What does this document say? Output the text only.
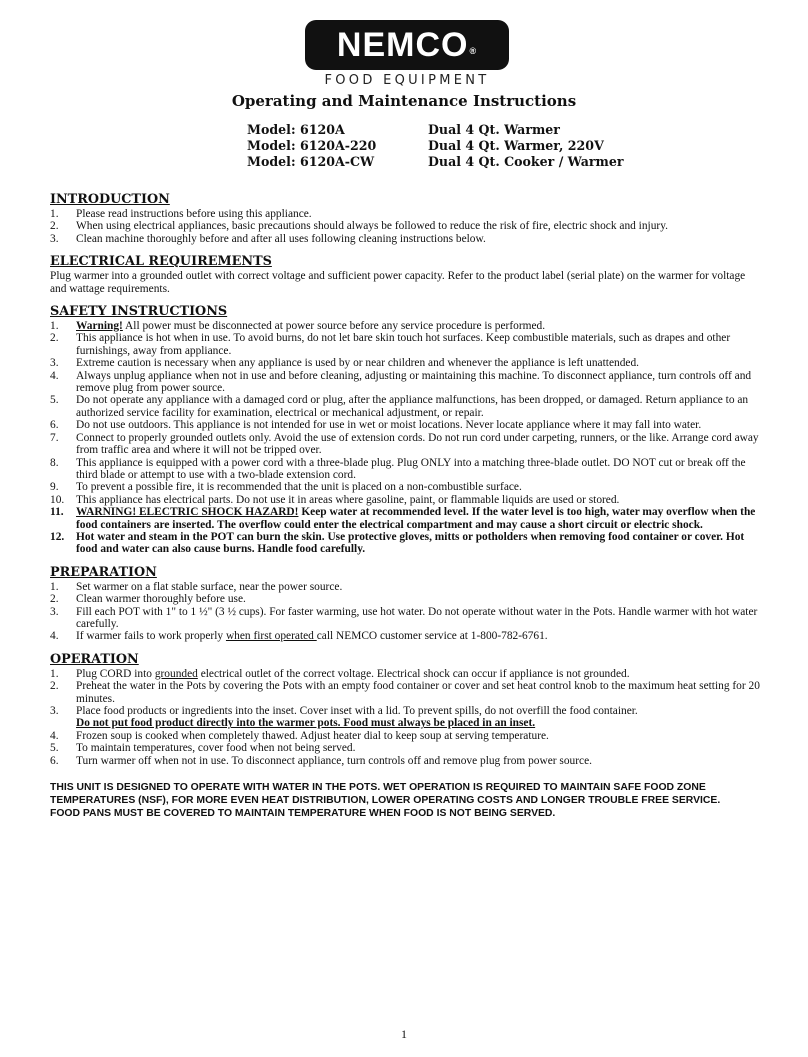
NEMCO®
FOOD EQUIPMENT
Operating and Maintenance Instructions
Model: 6120A	Dual 4 Qt. Warmer
Model: 6120A-220	Dual 4 Qt. Warmer, 220V
Model: 6120A-CW	Dual 4 Qt. Cooker / Warmer
INTRODUCTION
1. Please read instructions before using this appliance.
2. When using electrical appliances, basic precautions should always be followed to reduce the risk of fire, electric shock and injury.
3. Clean machine thoroughly before and after all uses following cleaning instructions below.
ELECTRICAL REQUIREMENTS

Plug warmer into a grounded outlet with correct voltage and sufficient power capacity. Refer to the product label (serial plate) on the warmer for voltage and wattage requirements.

SAFETY INSTRUCTIONS
1. Warning! All power must be disconnected at power source before any service procedure is performed.
2. This appliance is hot when in use. To avoid burns, do not let bare skin touch hot surfaces. Keep combustible materials, such as drapes and other furnishings, away from appliance.
3. Extreme caution is necessary when any appliance is used by or near children and whenever the appliance is left unattended.
4. Always unplug appliance when not in use and before cleaning, adjusting or maintaining this machine. To disconnect appliance, turn controls off and remove plug from power source.
5. Do not operate any appliance with a damaged cord or plug, after the appliance malfunctions, has been dropped, or damaged. Return appliance to an authorized service facility for examination, electrical or mechanical adjustment, or repair.
6. Do not use outdoors. This appliance is not intended for use in wet or moist locations. Never locate appliance where it may fall into water.
7. Connect to properly grounded outlets only. Avoid the use of extension cords. Do not run cord under carpeting, runners, or the like. Arrange cord away from traffic area and where it will not be tripped over.
8. This appliance is equipped with a power cord with a three-blade plug. Plug ONLY into a matching three-blade outlet. DO NOT cut or break off the third blade or attempt to use with a two-blade extension cord.
9. To prevent a possible fire, it is recommended that the unit is placed on a non-combustible surface.
10. This appliance has electrical parts. Do not use it in areas where gasoline, paint, or flammable liquids are used or stored.
11. WARNING! ELECTRIC SHOCK HAZARD! Keep water at recommended level. If the water level is too high, water may overflow when the food containers are inserted. The overflow could enter the electrical compartment and may cause a short circuit or electric shock.
12. Hot water and steam in the POT can burn the skin. Use protective gloves, mitts or potholders when removing food container or cover. Hot food and water can also cause burns. Handle food carefully.
PREPARATION
1. Set warmer on a flat stable surface, near the power source.
2. Clean warmer thoroughly before use.
3. Fill each POT with 1" to 1 ½" (3 ½ cups). For faster warming, use hot water. Do not operate without water in the Pots. Handle warmer with hot water carefully.
4. If warmer fails to work properly when first operated call NEMCO customer service at 1-800-782-6761.
OPERATION
1. Plug CORD into grounded electrical outlet of the correct voltage. Electrical shock can occur if appliance is not grounded.
2. Preheat the water in the Pots by covering the Pots with an empty food container or cover and set heat control knob to the maximum heat setting for 20 minutes.
3. Place food products or ingredients into the inset. Cover inset with a lid. To prevent spills, do not overfill the food container.
Do not put food product directly into the warmer pots. Food must always be placed in an inset.
4. Frozen soup is cooked when completely thawed. Adjust heater dial to keep soup at serving temperature.
5. To maintain temperatures, cover food when not being served.
6. Turn warmer off when not in use. To disconnect appliance, turn controls off and remove plug from power source.
THIS UNIT IS DESIGNED TO OPERATE WITH WATER IN THE POTS. WET OPERATION IS REQUIRED TO MAINTAIN SAFE FOOD ZONE TEMPERATURES (NSF), FOR MORE EVEN HEAT DISTRIBUTION, LOWER OPERATING COSTS AND LONGER TROUBLE FREE SERVICE. FOOD PANS MUST BE COVERED TO MAINTAIN TEMPERATURE WHEN FOOD IS NOT BEING SERVED.
1
